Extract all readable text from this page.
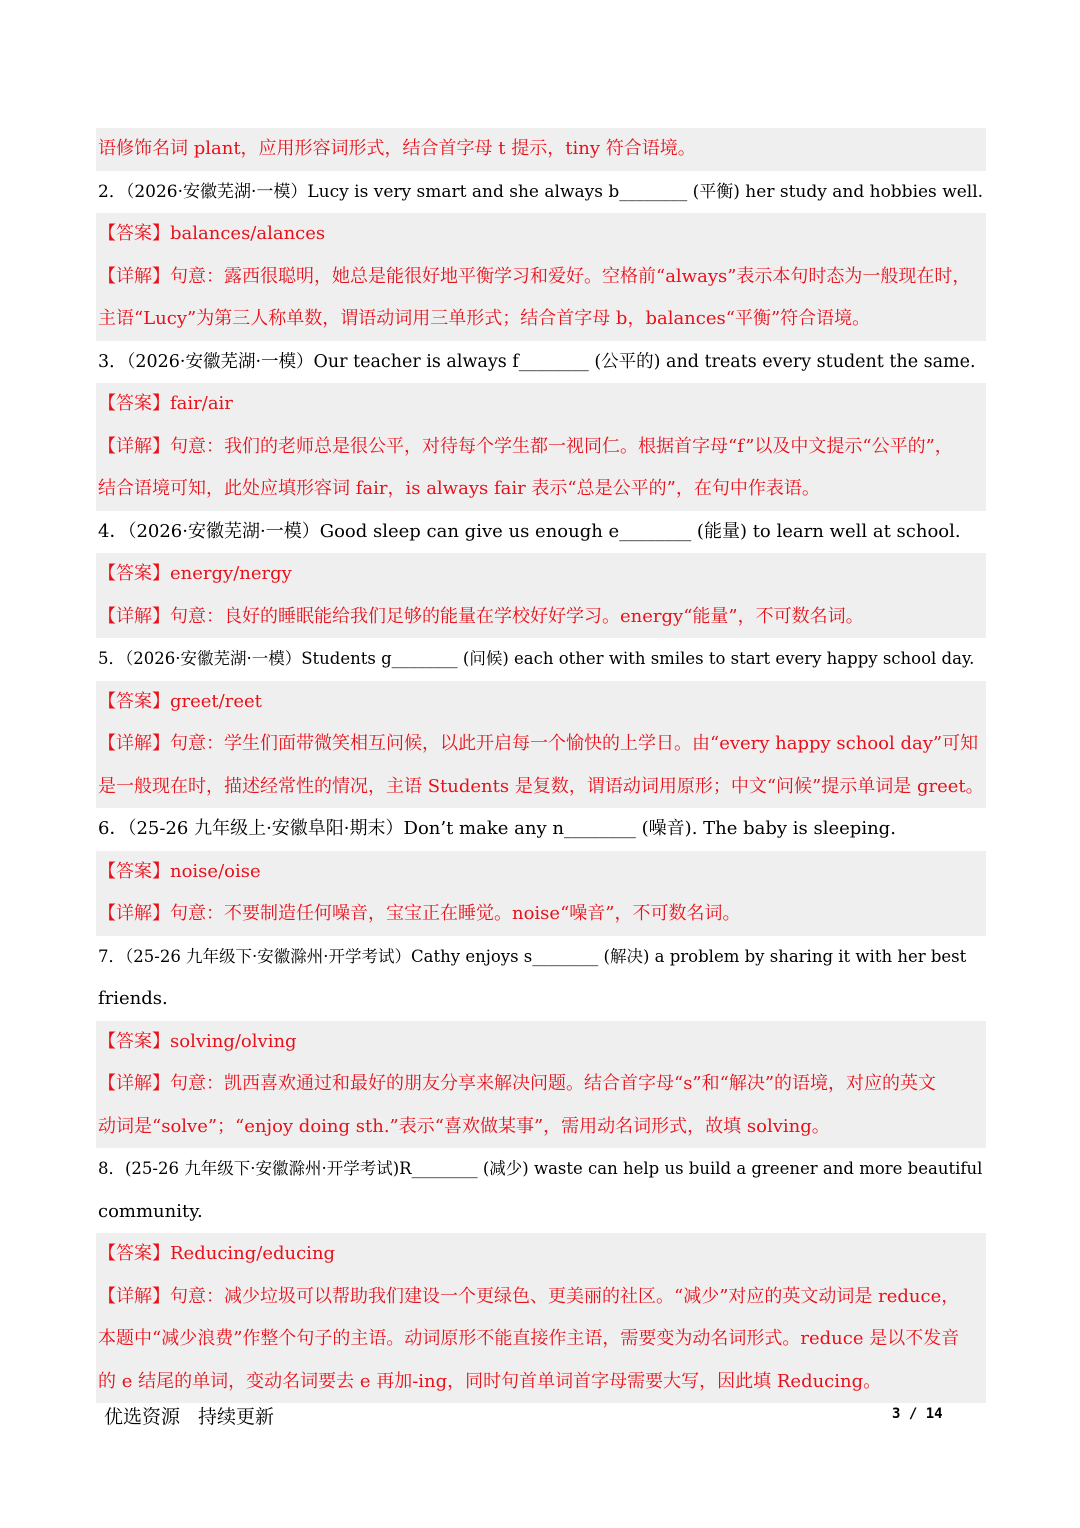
语修饰名词 plant，应用形容词形式，结合首字母 t 提示，tiny 符合语境。
2．（2026·安徽芜湖·一模）Lucy is very smart and she always b________ (平衡) her study and hobbies well.
【答案】balances/alances
【详解】句意：露西很聪明，她总是能很好地平衡学习和爱好。空格前“always”表示本句时态为一般现在时，
主语“Lucy”为第三人称单数，谓语动词用三单形式；结合首字母 b，balances“平衡”符合语境。
3．（2026·安徽芜湖·一模）Our teacher is always f________ (公平的) and treats every student the same.
【答案】fair/air
【详解】句意：我们的老师总是很公平，对待每个学生都一视同仁。根据首字母“f”以及中文提示“公平的”，
结合语境可知，此处应填形容词 fair，is always fair 表示“总是公平的”，在句中作表语。
4．（2026·安徽芜湖·一模）Good sleep can give us enough e________ (能量) to learn well at school.
【答案】energy/nergy
【详解】句意：良好的睡眠能给我们足够的能量在学校好好学习。energy“能量”，不可数名词。
5．（2026·安徽芜湖·一模）Students g________ (问候) each other with smiles to start every happy school day.
【答案】greet/reet
【详解】句意：学生们面带微笑相互问候，以此开启每一个愉快的上学日。由“every happy school day”可知
是一般现在时，描述经常性的情况，主语 Students 是复数，谓语动词用原形；中文“问候”提示单词是 greet。
6．（25-26 九年级上·安徽阜阳·期末）Don’t make any n________ (噪音). The baby is sleeping.
【答案】noise/oise
【详解】句意：不要制造任何噪音，宝宝正在睡觉。noise“噪音”，不可数名词。
7．（25-26 九年级下·安徽滁州·开学考试）Cathy enjoys s________ (解决) a problem by sharing it with her best
friends.
【答案】solving/olving
【详解】句意：凯西喜欢通过和最好的朋友分享来解决问题。结合首字母“s”和“解决”的语境，对应的英文
动词是“solve”；“enjoy doing sth.”表示“喜欢做某事”，需用动名词形式，故填 solving。
8．(25-26 九年级下·安徽滁州·开学考试)R________ (减少) waste can help us build a greener and more beautiful
community.
【答案】Reducing/educing
【详解】句意：减少垃圾可以帮助我们建设一个更绿色、更美丽的社区。“减少”对应的英文动词是 reduce，
本题中“减少浪费”作整个句子的主语。动词原形不能直接作主语，需要变为动名词形式。reduce 是以不发音
的 e 结尾的单词，变动名词要去 e 再加-ing，同时句首单词首字母需要大写，因此填 Reducing。
优选资源 持续更新	3 / 14
